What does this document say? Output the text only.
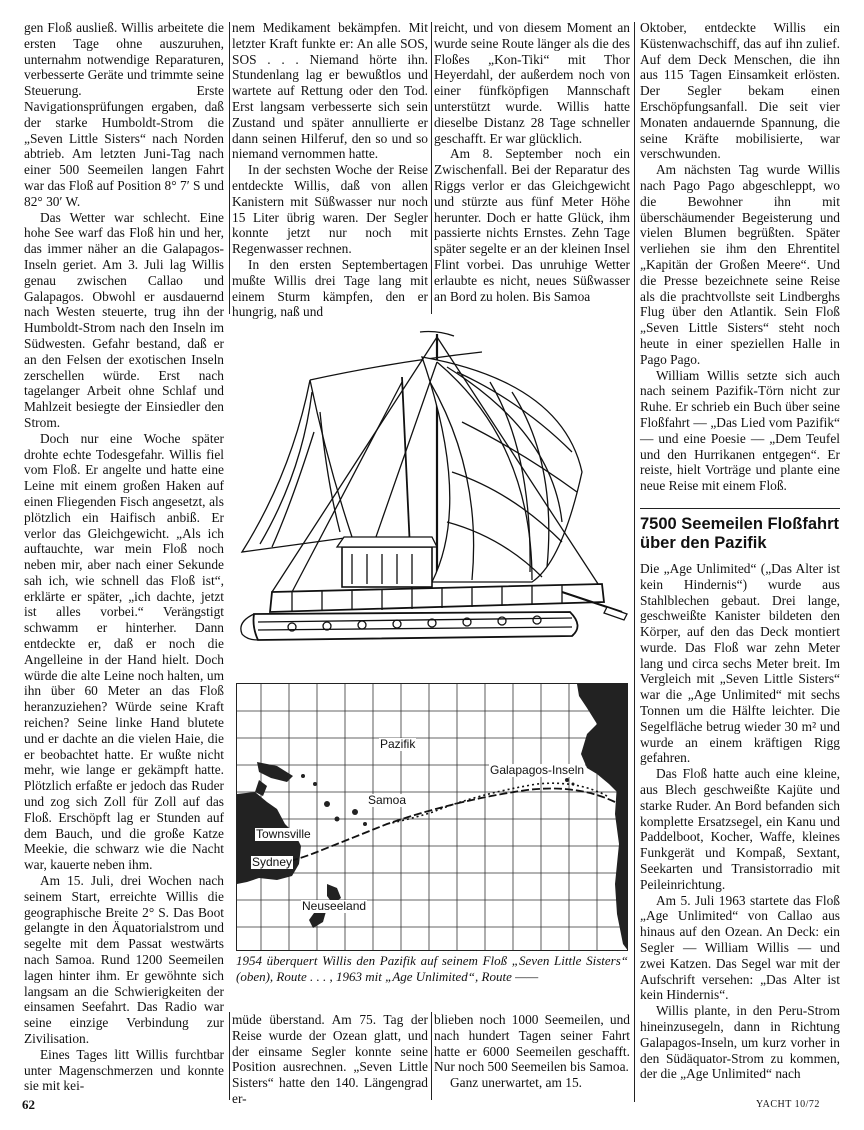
gen Floß ausließ. Willis arbeitete die ersten Tage ohne auszuruhen, unternahm notwendige Reparaturen, verbesserte Geräte und trimmte seine Steuerung. Erste Navigationsprüfungen ergaben, daß der starke Humboldt-Strom die „Seven Little Sisters“ nach Norden abtrieb. Am letzten Juni-Tag nach einer 500 Seemeilen langen Fahrt war das Floß auf Position 8° 7′ S und 82° 30′ W.

Das Wetter war schlecht. Eine hohe See warf das Floß hin und her, das immer näher an die Galapagos-Inseln geriet. Am 3. Juli lag Willis genau zwischen Callao und Galapagos. Obwohl er ausdauernd nach Westen steuerte, trug ihn der Humboldt-Strom nach den Inseln im Südwesten. Gefahr bestand, daß er an den Felsen der exotischen Inseln zerschellen würde. Erst nach tagelanger Arbeit ohne Schlaf und Mahlzeit besiegte der Einsiedler den Strom.

Doch nur eine Woche später drohte echte Todesgefahr. Willis fiel vom Floß. Er angelte und hatte eine Leine mit einem großen Haken auf einen Fliegenden Fisch angesetzt, als plötzlich ein Haifisch anbiß. Er verlor das Gleichgewicht. „Als ich auftauchte, war mein Floß noch neben mir, aber nach einer Sekunde sah ich, wie schnell das Floß ist“, erklärte er später, „ich dachte, jetzt ist alles vorbei.“ Verängstigt schwamm er hinterher. Dann entdeckte er, daß er noch die Angelleine in der Hand hielt. Doch würde die alte Leine noch halten, um ihn über 60 Meter an das Floß heranzuziehen? Würde seine Kraft reichen? Seine linke Hand blutete und er dachte an die vielen Haie, die er beobachtet hatte. Er wußte nicht mehr, wie lange er gekämpft hatte. Plötzlich erfaßte er jedoch das Ruder und zog sich Zoll für Zoll auf das Floß. Erschöpft lag er Stunden auf dem Bauch, und die große Katze Meekie, die schwarz wie die Nacht war, kauerte neben ihm.

Am 15. Juli, drei Wochen nach seinem Start, erreichte Willis die geographische Breite 2° S. Das Boot gelangte in den Äquatorialstrom und segelte mit dem Passat westwärts nach Samoa. Rund 1200 Seemeilen lagen hinter ihm. Er gewöhnte sich langsam an die Schwierigkeiten der einsamen Seefahrt. Das Radio war seine einzige Verbindung zur Zivilisation.

Eines Tages litt Willis furchtbar unter Magenschmerzen und konnte sie mit kei-

nem Medikament bekämpfen. Mit letzter Kraft funkte er: An alle SOS, SOS . . . Niemand hörte ihn. Stundenlang lag er bewußtlos und wartete auf Rettung oder den Tod. Erst langsam verbesserte sich sein Zustand und später annullierte er dann seinen Hilferuf, den so und so niemand vernommen hatte.

In der sechsten Woche der Reise entdeckte Willis, daß von allen Kanistern mit Süßwasser nur noch 15 Liter übrig waren. Der Segler konnte jetzt nur noch mit Regenwasser rechnen.

In den ersten Septembertagen mußte Willis drei Tage lang mit einem Sturm kämpfen, den er hungrig, naß und

reicht, und von diesem Moment an wurde seine Route länger als die des Floßes „Kon-Tiki“ mit Thor Heyerdahl, der außerdem noch von einer fünfköpfigen Mannschaft unterstützt wurde. Willis hatte dieselbe Distanz 28 Tage schneller geschafft. Er war glücklich.

Am 8. September noch ein Zwischenfall. Bei der Reparatur des Riggs verlor er das Gleichgewicht und stürzte aus fünf Meter Höhe herunter. Doch er hatte Glück, ihm passierte nichts Ernstes. Zehn Tage später segelte er an der kleinen Insel Flint vorbei. Das unruhige Wetter erlaubte es nicht, neues Süßwasser an Bord zu holen. Bis Samoa

Oktober, entdeckte Willis ein Küstenwachschiff, das auf ihn zulief. Auf dem Deck Menschen, die ihn aus 115 Tagen Einsamkeit erlösten. Der Segler bekam einen Erschöpfungsanfall. Die seit vier Monaten andauernde Spannung, die seine Kräfte mobilisierte, war verschwunden.

Am nächsten Tag wurde Willis nach Pago Pago abgeschleppt, wo die Bewohner ihn mit überschäumender Begeisterung und vielen Blumen begrüßten. Später verliehen sie ihm den Ehrentitel „Kapitän der Großen Meere“. Und die Presse bezeichnete seine Reise als die prachtvollste seit Lindberghs Flug über den Atlantik. Sein Floß „Seven Little Sisters“ steht noch heute in einer speziellen Halle in Pago Pago.

William Willis setzte sich auch nach seinem Pazifik-Törn nicht zur Ruhe. Er schrieb ein Buch über seine Floßfahrt — „Das Lied vom Pazifik“ — und eine Poesie — „Dem Teufel und den Hurrikanen entgegen“. Er reiste, hielt Vorträge und plante eine neue Reise mit einem Floß.

7500 Seemeilen Floßfahrt über den Pazifik

Die „Age Unlimited“ („Das Alter ist kein Hindernis“) wurde aus Stahlblechen gebaut. Drei lange, geschweißte Kanister bildeten den Körper, auf den das Deck montiert wurde. Das Floß war zehn Meter lang und circa sechs Meter breit. Im Vergleich mit „Seven Little Sisters“ war die „Age Unlimited“ mit sechs Tonnen um die Hälfte leichter. Die Segelfläche betrug wieder 30 m² und wurde an einem kräftigen Rigg gefahren.

Das Floß hatte auch eine kleine, aus Blech geschweißte Kajüte und starke Ruder. An Bord befanden sich komplette Ersatzsegel, ein Kanu und Paddelboot, Kocher, Waffe, kleines Funkgerät und Kompaß, Sextant, Seekarten und Transistorradio mit Peileinrichtung.

Am 5. Juli 1963 startete das Floß „Age Unlimited“ von Callao aus hinaus auf den Ozean. An Deck: ein Segler — William Willis — und zwei Katzen. Das Segel war mit der Aufschrift versehen: „Das Alter ist kein Hindernis“.

Willis plante, in den Peru-Strom hineinzusegeln, dann in Richtung Galapagos-Inseln, um kurz vorher in den Südäquator-Strom zu kommen, der die „Age Unlimited“ nach

Pazifik
Galapagos-Inseln
Samoa
Townsville
Sydney
Neuseeland
1954 überquert Willis den Pazifik auf seinem Floß „Seven Little Sisters“ (oben), Route . . . , 1963 mit „Age Unlimited“, Route ——

müde überstand. Am 75. Tag der Reise wurde der Ozean glatt, und der einsame Segler konnte seine Position ausrechnen. „Seven Little Sisters“ hatte den 140. Längengrad er-

blieben noch 1000 Seemeilen, und nach hundert Tagen seiner Fahrt hatte er 6000 Seemeilen geschafft. Nur noch 500 Seemeilen bis Samoa.

Ganz unerwartet, am 15.

62	YACHT 10/72
